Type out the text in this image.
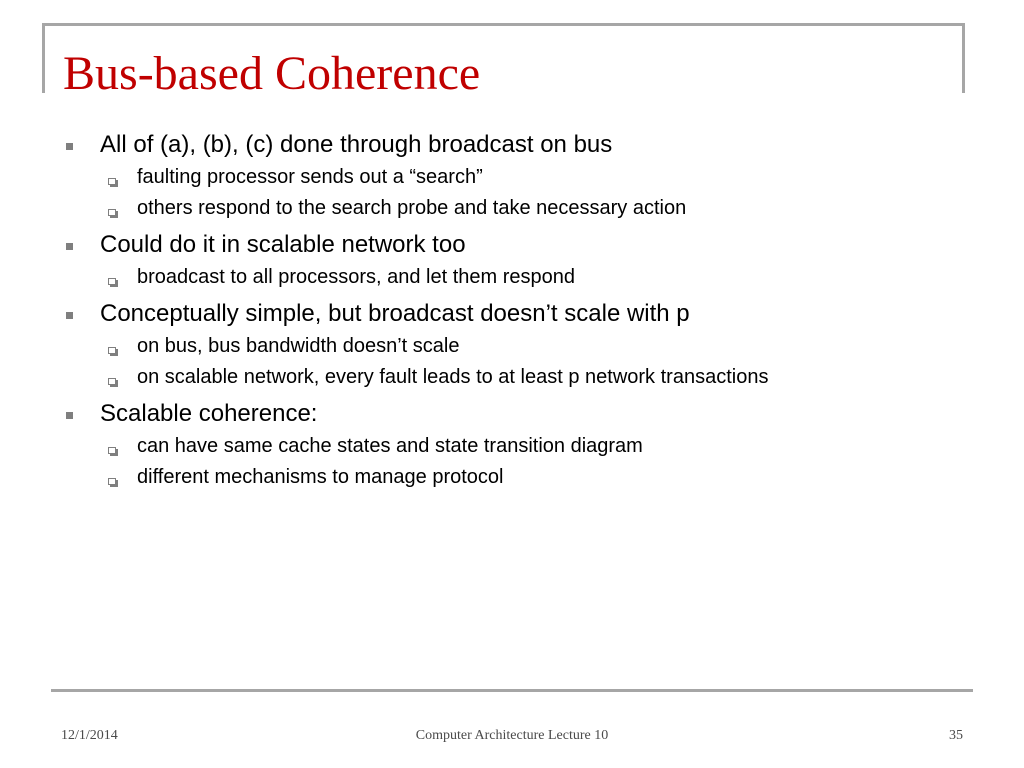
Bus-based Coherence
All of (a), (b), (c) done through broadcast on bus
faulting processor sends out a “search”
others respond to the search probe and take necessary action
Could do it in scalable network too
broadcast to all processors, and let them respond
Conceptually simple, but broadcast doesn’t scale with p
on bus, bus bandwidth doesn’t scale
on scalable network, every fault leads to at least p network transactions
Scalable coherence:
can have same cache states and state transition diagram
different mechanisms to manage protocol
12/1/2014	Computer Architecture Lecture 10	35
